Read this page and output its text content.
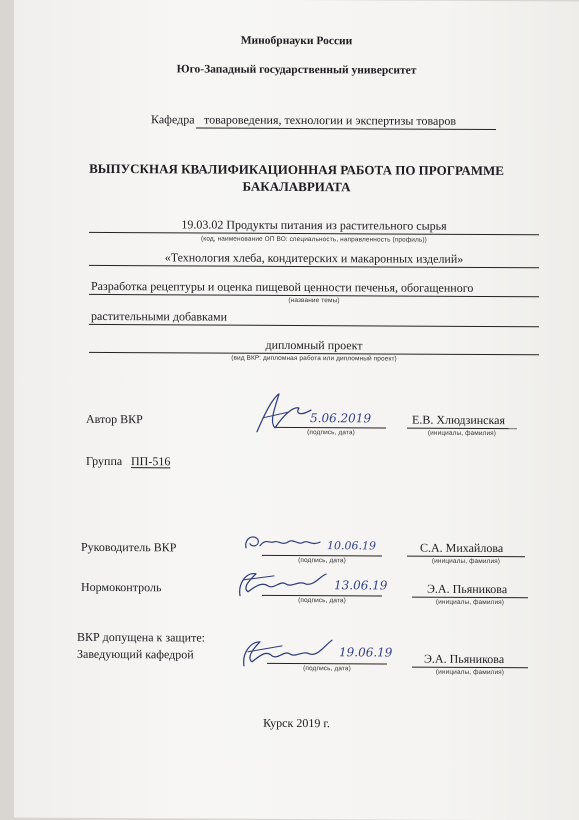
Минобрнауки России
Юго-Западный государственный университет
Кафедра товароведения, технологии и экспертизы товаров
ВЫПУСКНАЯ КВАЛИФИКАЦИОННАЯ РАБОТА ПО ПРОГРАММЕ
БАКАЛАВРИАТА
19.03.02 Продукты питания из растительного сырья
(код, наименование ОП ВО: специальность, направленность (профиль))
«Технология хлеба, кондитерских и макаронных изделий»
Разработка рецептуры и оценка пищевой ценности печенья, обогащенного
(название темы)
растительными добавками
дипломный проект
(вид ВКР: дипломная работа или дипломный проект)
Автор ВКР	5.06.2019
(подпись, дата)
Е.В. Хлюдзинская
(инициалы, фамилия)
Группа ПП-516
Руководитель ВКР	10.06.19
(подпись, дата)
С.А. Михайлова
(инициалы, фамилия)
Нормоконтроль	13.06.19
(подпись, дата)
Э.А. Пьяникова
(инициалы, фамилия)
ВКР допущена к защите:
Заведующий кафедрой	19.06.19
(подпись, дата)
Э.А. Пьяникова
(инициалы, фамилия)
Курск 2019 г.
